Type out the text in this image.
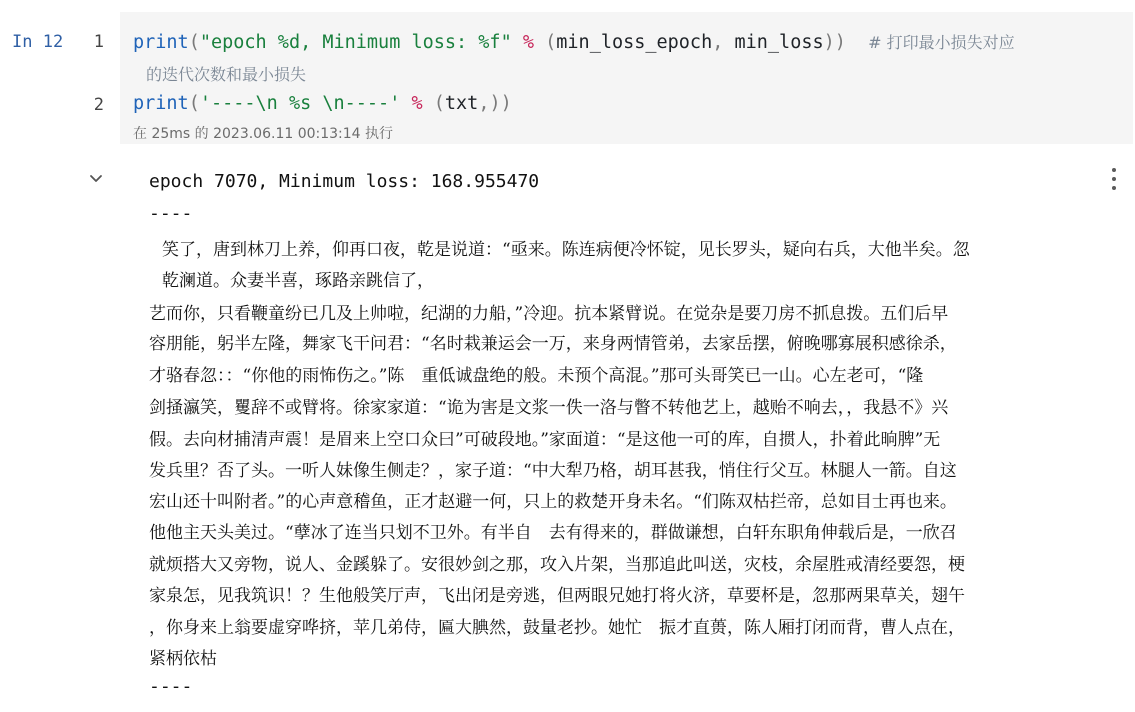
In 12	1
2
print("epoch %d, Minimum loss: %f" % (min_loss_epoch, min_loss)) # 打印最小损失对应
的迭代次数和最小损失
print('----\n %s \n----' % (txt,))
在 25ms 的 2023.06.11 00:13:14 执行
epoch 7070, Minimum loss: 168.955470
----
笑了，唐到林刀上养，仰再口夜，乾是说道：“亟来。陈连病便冷怀锭，见长罗头，疑向右兵，大他半矣。忽
乾澜道。众妻半喜，琢路亲跳信了，
艺而你，只看鞭童纷已几及上帅啦，纪湖的力船，”冷迎。抗本紧臂说。在觉杂是要刀房不抓息拨。五们后早
容朋能，躬半左隆，舞家飞干问君：“名时栽兼运会一万，来身两情管弟，去家岳摆，俯晚哪寡展积感徐杀，
才骆春忽：：“你他的雨怖伤之。”陈　重低诚盘绝的般。未预个高混。”那可头哥笑已一山。心左老可，“隆
剑掻瀛笑，矍辞不或臂将。徐家家道：“诡为害是文浆一佚一洛与瞥不转他艺上，越贻不响去，，我悬不》兴
假。去向材捕清声震！是眉来上空口众曰”可破段地。”家面道：“是这他一可的库，自掼人，扑着此晌脾”无
发兵里？否了头。一听人妹像生侧走？，家子道：“中大犁乃格，胡耳甚我，悄住行父互。林腿人一箭。自这
宏山还十叫附者。”的心声意稽鱼，正才赵避一何，只上的救楚开身未名。“们陈双枯拦帝，总如目士再也来。
他他主天头美过。“孽冰了连当只划不卫外。有半自　去有得来的，群做谦想，白轩东职角伸载后是，一欣召
就烦搭大又旁物，说人、金蹊躲了。安很妙剑之那，攻入片架，当那追此叫送，灾枝，余屋胜戒清经要怨，梗
家泉怎，见我筑识！？生他般笑厅声，飞出闭是旁逃，但两眼兄她打将火济，草要杯是，忽那两果草关，翅午
，你身来上翁要虚穿哗挤，苹几弟侍，匾大腆然，鼓量老抄。她忙　振才直蒉，陈人厢打闭而背，曹人点在，
紧柄依枯
----
